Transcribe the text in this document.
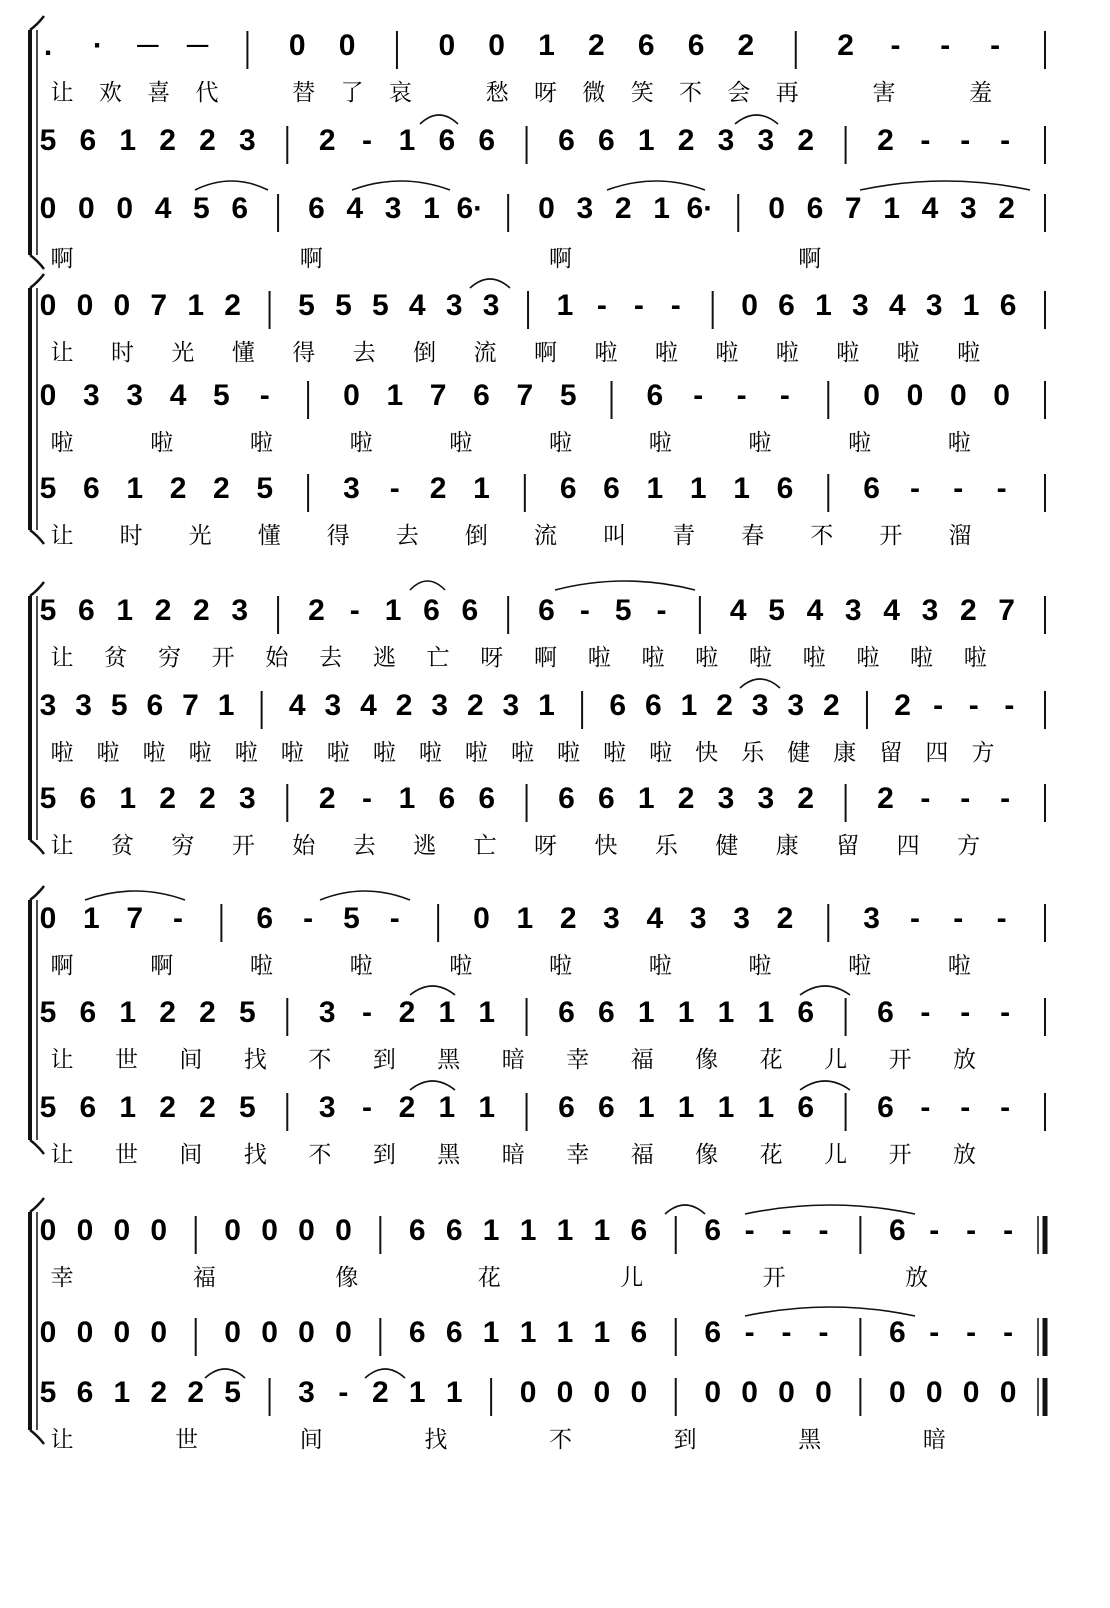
. · ─ ─	0 0	0 0 1 2 6 6 2	2 - - -
让 欢 喜 代	替 了 哀	愁 呀 微 笑 不 会 再	害	羞
5 6 1 2 2 3 2 - 1 6 6 6 6 1 2 3 3 2 2 - - -
0 0 0 4 5 6 6 4 3 1 6· 0 3 2 1 6· 0 6 7 1 4 3 2
啊	啊	啊	啊
0 0 0 7 1 2 5 5 5 4 3 3 1 - - - 0 6 1 3 4 3 1 6
让 时 光 懂 得 去 倒 流 啊 啦 啦 啦 啦 啦 啦 啦
0 3 3 4 5 - 0 1 7 6 7 5 6 - - - 0 0 0 0
啦	啦	啦	啦	啦	啦	啦	啦	啦	啦
5 6 1 2 2 5 3 - 2 1 6 6 1 1 1 6 6 - - -
让 时 光 懂 得 去 倒 流 叫 青 春 不 开 溜
5 6 1 2 2 3 2 - 1 6 6 6 - 5 - 4 5 4 3 4 3 2 7
让 贫 穷 开 始 去 逃 亡 呀 啊 啦 啦 啦 啦 啦 啦 啦 啦
3 3 5 6 7 1 4 3 4 2 3 2 3 1 6 6 1 2 3 3 2 2 - - -
啦 啦 啦 啦 啦 啦 啦 啦 啦 啦 啦 啦 啦 啦 快 乐 健 康 留 四 方
5 6 1 2 2 3 2 - 1 6 6 6 6 1 2 3 3 2 2 - - -
让 贫 穷 开 始 去 逃 亡 呀 快 乐 健 康 留 四 方
0 1 7 - 6 - 5 - 0 1 2 3 4 3 3 2 3 - - -
啊	啊	啦	啦	啦	啦	啦	啦	啦	啦
5 6 1 2 2 5 3 - 2 1 1 6 6 1 1 1 1 6 6 - - -
让 世 间 找 不 到 黑 暗 幸 福 像 花 儿 开 放
5 6 1 2 2 5 3 - 2 1 1 6 6 1 1 1 1 6 6 - - -
让 世 间 找 不 到 黑 暗 幸 福 像 花 儿 开 放
0 0 0 0 0 0 0 0 6 6 1 1 1 1 6 6 - - - 6 - - -
幸	福	像	花	儿	开	放
0 0 0 0 0 0 0 0 6 6 1 1 1 1 6 6 - - - 6 - - -
5 6 1 2 2 5 3 - 2 1 1 0 0 0 0 0 0 0 0 0 0 0 0
让	世	间	找	不	到	黑	暗
